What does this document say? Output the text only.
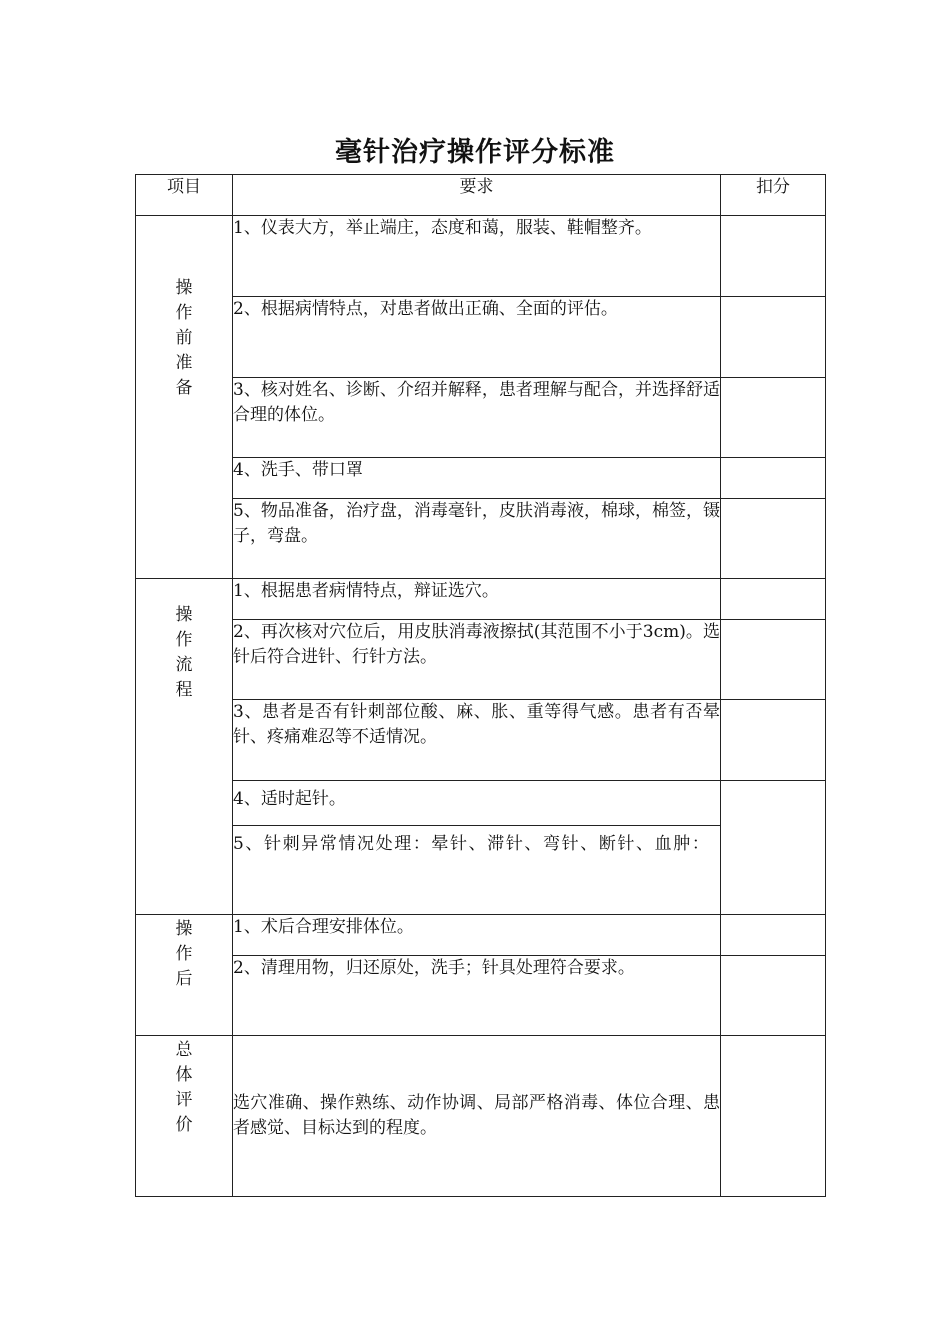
毫针治疗操作评分标准
项目	要求	扣分
操作前准备	1、仪表大方，举止端庄，态度和蔼，服装、鞋帽整齐。	
	2、根据病情特点，对患者做出正确、全面的评估。	
	3、核对姓名、诊断、介绍并解释，患者理解与配合，并选择舒适合理的体位。	
	4、洗手、带口罩	
	5、物品准备，治疗盘，消毒毫针，皮肤消毒液，棉球，棉签，镊子，弯盘。	
操作流程	1、根据患者病情特点，辩证选穴。	
	2、再次核对穴位后，用皮肤消毒液擦拭(其范围不小于3cm)。选针后符合进针、行针方法。	
	3、患者是否有针刺部位酸、麻、胀、重等得气感。患者有否晕针、疼痛难忍等不适情况。	
	4、适时起针。	
	5、针刺异常情况处理：晕针、滞针、弯针、断针、血肿：	
操作后	1、术后合理安排体位。	
	2、清理用物，归还原处，洗手；针具处理符合要求。	
总体评价	选穴准确、操作熟练、动作协调、局部严格消毒、体位合理、患者感觉、目标达到的程度。	
